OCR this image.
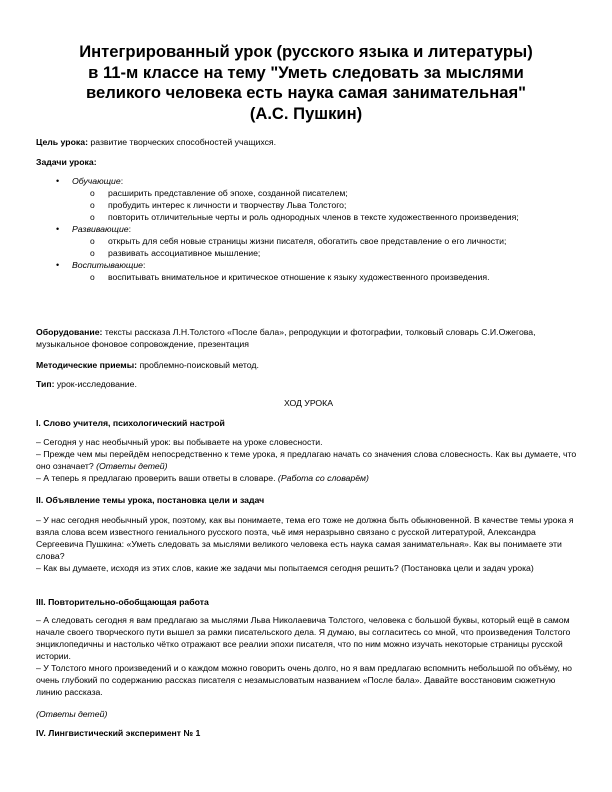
Интегрированный урок (русского языка и литературы)
в 11-м классе на тему "Уметь следовать за мыслями
великого человека есть наука самая занимательная"
(А.С. Пушкин)

Цель урока: развитие творческих способностей учащихся.

Задачи урока:

• Обучающие:
o расширить представление об эпохе, созданной писателем;
o пробудить интерес к личности и творчеству Льва Толстого;
o повторить отличительные черты и роль однородных членов в тексте художественного произведения;
• Развивающие:
o открыть для себя новые страницы жизни писателя, обогатить свое представление о его личности;
o развивать ассоциативное мышление;
• Воспитывающие:
o воспитывать внимательное и критическое отношение к языку художественного произведения.

Оборудование: тексты рассказа Л.Н.Толстого «После бала», репродукции и фотографии, толковый словарь С.И.Ожегова, музыкальное фоновое сопровождение, презентация

Методические приемы: проблемно-поисковый метод.

Тип: урок-исследование.

ХОД УРОКА

I. Слово учителя, психологический настрой

– Сегодня у нас необычный урок: вы побываете на уроке словесности.
– Прежде чем мы перейдём непосредственно к теме урока, я предлагаю начать со значения слова словесность. Как вы думаете, что оно означает? (Ответы детей)
– А теперь я предлагаю проверить ваши ответы в словаре. (Работа со словарём)

II. Объявление темы урока, постановка цели и задач

– У нас сегодня необычный урок, поэтому, как вы понимаете, тема его тоже не должна быть обыкновенной. В качестве темы урока я взяла слова всем известного гениального русского поэта, чьё имя неразрывно связано с русской литературой, Александра Сергеевича Пушкина: «Уметь следовать за мыслями великого человека есть наука самая занимательная». Как вы понимаете эти слова?
– Как вы думаете, исходя из этих слов, какие же задачи мы попытаемся сегодня решить? (Постановка цели и задач урока)

III. Повторительно-обобщающая работа

– А следовать сегодня я вам предлагаю за мыслями Льва Николаевича Толстого, человека с большой буквы, который ещё в самом начале своего творческого пути вышел за рамки писательского дела. Я думаю, вы согласитесь со мной, что произведения Толстого энциклопедичны и настолько чётко отражают все реалии эпохи писателя, что по ним можно изучать некоторые страницы русской истории.
– У Толстого много произведений и о каждом можно говорить очень долго, но я вам предлагаю вспомнить небольшой по объёму, но очень глубокий по содержанию рассказ писателя с незамысловатым названием «После бала». Давайте восстановим сюжетную линию рассказа.

(Ответы детей)

IV. Лингвистический эксперимент № 1
